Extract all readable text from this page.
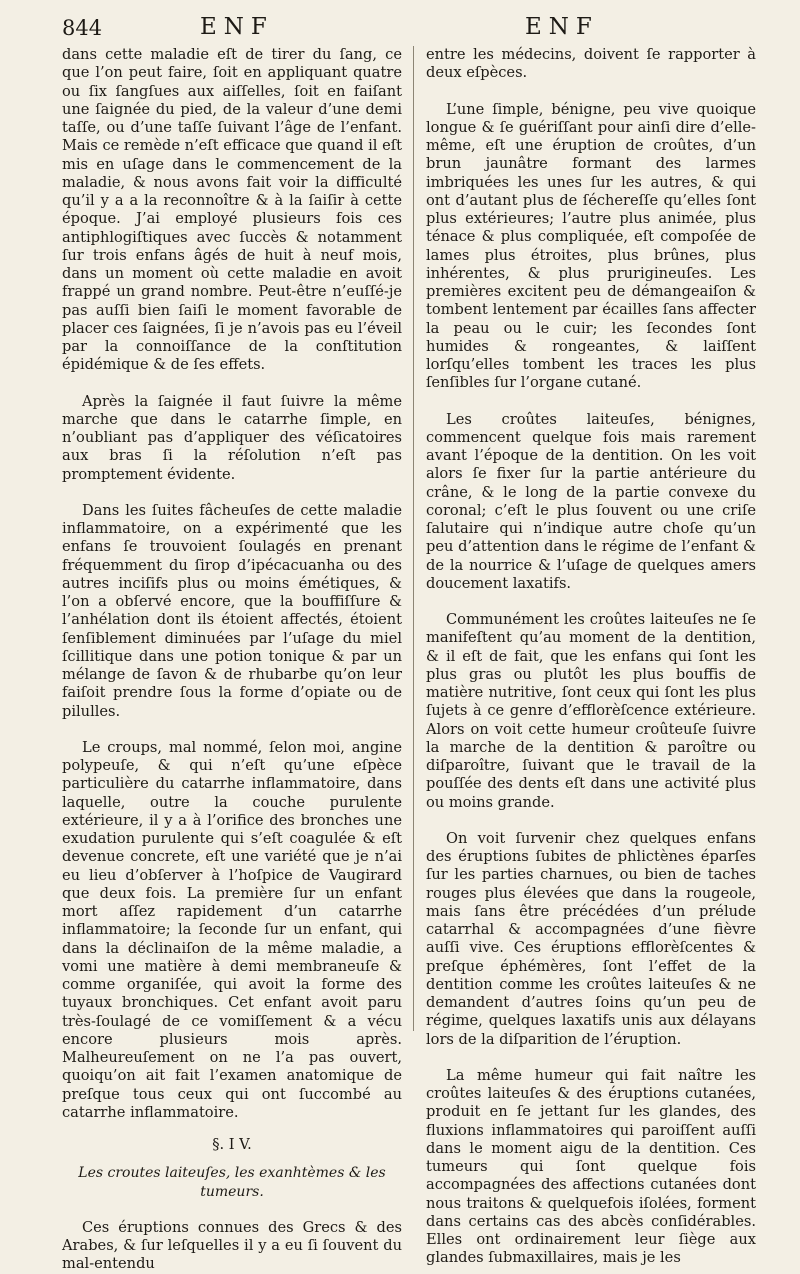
844	ENF	ENF

dans cette maladie eſt de tirer du ſang, ce que l’on peut faire, ſoit en appliquant quatre ou ſix ſangſues aux aiſſelles, ſoit en faiſant une ſaignée du pied, de la valeur d’une demi taſſe, ou d’une taſſe ſuivant l’âge de l’enfant. Mais ce remède n’eſt efficace que quand il eſt mis en uſage dans le commencement de la maladie, & nous avons fait voir la difficulté qu’il y a a la reconnoître & à la ſaiſir à cette époque. J’ai employé plusieurs fois ces antiphlogiſtiques avec ſuccès & notamment ſur trois enfans âgés de huit à neuf mois, dans un moment où cette maladie en avoit frappé un grand nombre. Peut-être n’euſſé-je pas auſſi bien ſaiſi le moment favorable de placer ces ſaignées, ſi je n’avois pas eu l’éveil par la connoiſſance de la conſtitution épidémique & de ſes effets.

Après la ſaignée il faut ſuivre la même marche que dans le catarrhe ſimple, en n’oubliant pas d’appliquer des véſicatoires aux bras ſi la réſolution n’eſt pas promptement évidente.

Dans les ſuites fâcheuſes de cette maladie inflammatoire, on a expérimenté que les enfans ſe trouvoient ſoulagés en prenant fréquemment du ſirop d’ipécacuanha ou des autres inciſifs plus ou moins émétiques, & l’on a obſervé encore, que la bouffiſſure & l’anhélation dont ils étoient affectés, étoient ſenſiblement diminuées par l’uſage du miel ſcillitique dans une potion tonique & par un mélange de ſavon & de rhubarbe qu’on leur faiſoit prendre ſous la forme d’opiate ou de pilulles.

Le croups, mal nommé, ſelon moi, angine polypeuſe, & qui n’eſt qu’une eſpèce particulière du catarrhe inflammatoire, dans laquelle, outre la couche purulente extérieure, il y a à l’orifice des bronches une exudation purulente qui s’eſt coagulée & eſt devenue concrete, eſt une variété que je n’ai eu lieu d’obſerver à l’hoſpice de Vaugirard que deux fois. La première ſur un enfant mort aſſez rapidement d’un catarrhe inflammatoire; la ſeconde ſur un enfant, qui dans la déclinaiſon de la même maladie, a vomi une matière à demi membraneuſe & comme organiſée, qui avoit la forme des tuyaux bronchiques. Cet enfant avoit paru très-ſoulagé de ce vomiſſement & a vécu encore plusieurs mois après. Malheureuſement on ne l’a pas ouvert, quoiqu’on ait fait l’examen anatomique de preſque tous ceux qui ont ſuccombé au catarrhe inflammatoire.

§. I V.

Les croutes laiteuſes, les exanhtèmes & les tumeurs.

Ces éruptions connues des Grecs & des Arabes, & ſur leſquelles il y a eu ſi ſouvent du mal-entendu

entre les médecins, doivent ſe rapporter à deux eſpèces.

L’une ſimple, bénigne, peu vive quoique longue & ſe guériſſant pour ainſi dire d’elle-même, eſt une éruption de croûtes, d’un brun jaunâtre formant des larmes imbriquées les unes ſur les autres, & qui ont d’autant plus de ſéchereſſe qu’elles ſont plus extérieures; l’autre plus animée, plus ténace & plus compliquée, eſt compoſée de lames plus étroites, plus brûnes, plus inhérentes, & plus prurigineuſes. Les premières excitent peu de démangeaiſon & tombent lentement par écailles ſans affecter la peau ou le cuir; les ſecondes ſont humides & rongeantes, & laiſſent lorſqu’elles tombent les traces les plus ſenſibles ſur l’organe cutané.

Les croûtes laiteuſes, bénignes, commencent quelque fois mais rarement avant l’époque de la dentition. On les voit alors ſe fixer ſur la partie antérieure du crâne, & le long de la partie convexe du coronal; c’eſt le plus ſouvent ou une criſe ſalutaire qui n’indique autre choſe qu’un peu d’attention dans le régime de l’enfant & de la nourrice & l’uſage de quelques amers doucement laxatifs.

Communément les croûtes laiteuſes ne ſe manifeſtent qu’au moment de la dentition, & il eſt de fait, que les enfans qui ſont les plus gras ou plutôt les plus bouffis de matière nutritive, ſont ceux qui ſont les plus ſujets à ce genre d’efflorèſcence extérieure. Alors on voit cette humeur croûteuſe ſuivre la marche de la dentition & paroître ou diſparoître, ſuivant que le travail de la pouſſée des dents eſt dans une activité plus ou moins grande.

On voit ſurvenir chez quelques enfans des éruptions ſubites de phlictènes éparſes ſur les parties charnues, ou bien de taches rouges plus élevées que dans la rougeole, mais ſans être précédées d’un prélude catarrhal & accompagnées d’une fièvre auſſi vive. Ces éruptions efflorèſcentes & preſque éphémères, ſont l’effet de la dentition comme les croûtes laiteuſes & ne demandent d’autres ſoins qu’un peu de régime, quelques laxatifs unis aux délayans lors de la diſparition de l’éruption.

La même humeur qui fait naître les croûtes laiteuſes & des éruptions cutanées, produit en ſe jettant ſur les glandes, des fluxions inflammatoires qui paroiſſent auſſi dans le moment aigu de la dentition. Ces tumeurs qui ſont quelque fois accompagnées des affections cutanées dont nous traitons & quelquefois iſolées, forment dans certains cas des abcès conſidérables. Elles ont ordinairement leur ſiège aux glandes ſubmaxillaires, mais je les
